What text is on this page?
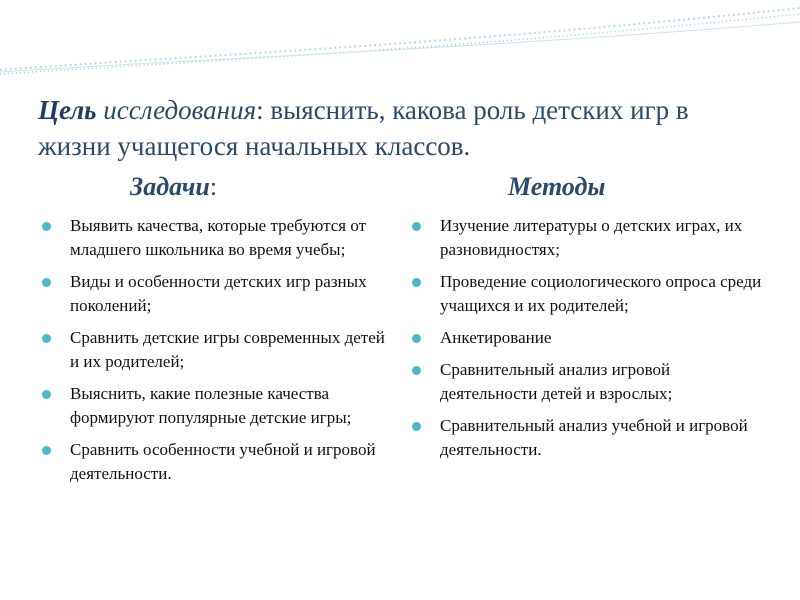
Цель исследования: выяснить, какова роль детских игр в жизни учащегося начальных классов.
Задачи:	Методы
Выявить качества, которые требуются от младшего школьника во время учебы;
Виды и особенности детских игр разных поколений;
Сравнить детские игры современных детей и их родителей;
Выяснить, какие полезные качества формируют популярные детские игры;
Сравнить особенности учебной и игровой деятельности.
Изучение литературы о детских играх, их разновидностях;
Проведение социологического опроса среди учащихся и их родителей;
Анкетирование
Сравнительный анализ игровой деятельности детей и взрослых;
Сравнительный анализ учебной и игровой деятельности.
